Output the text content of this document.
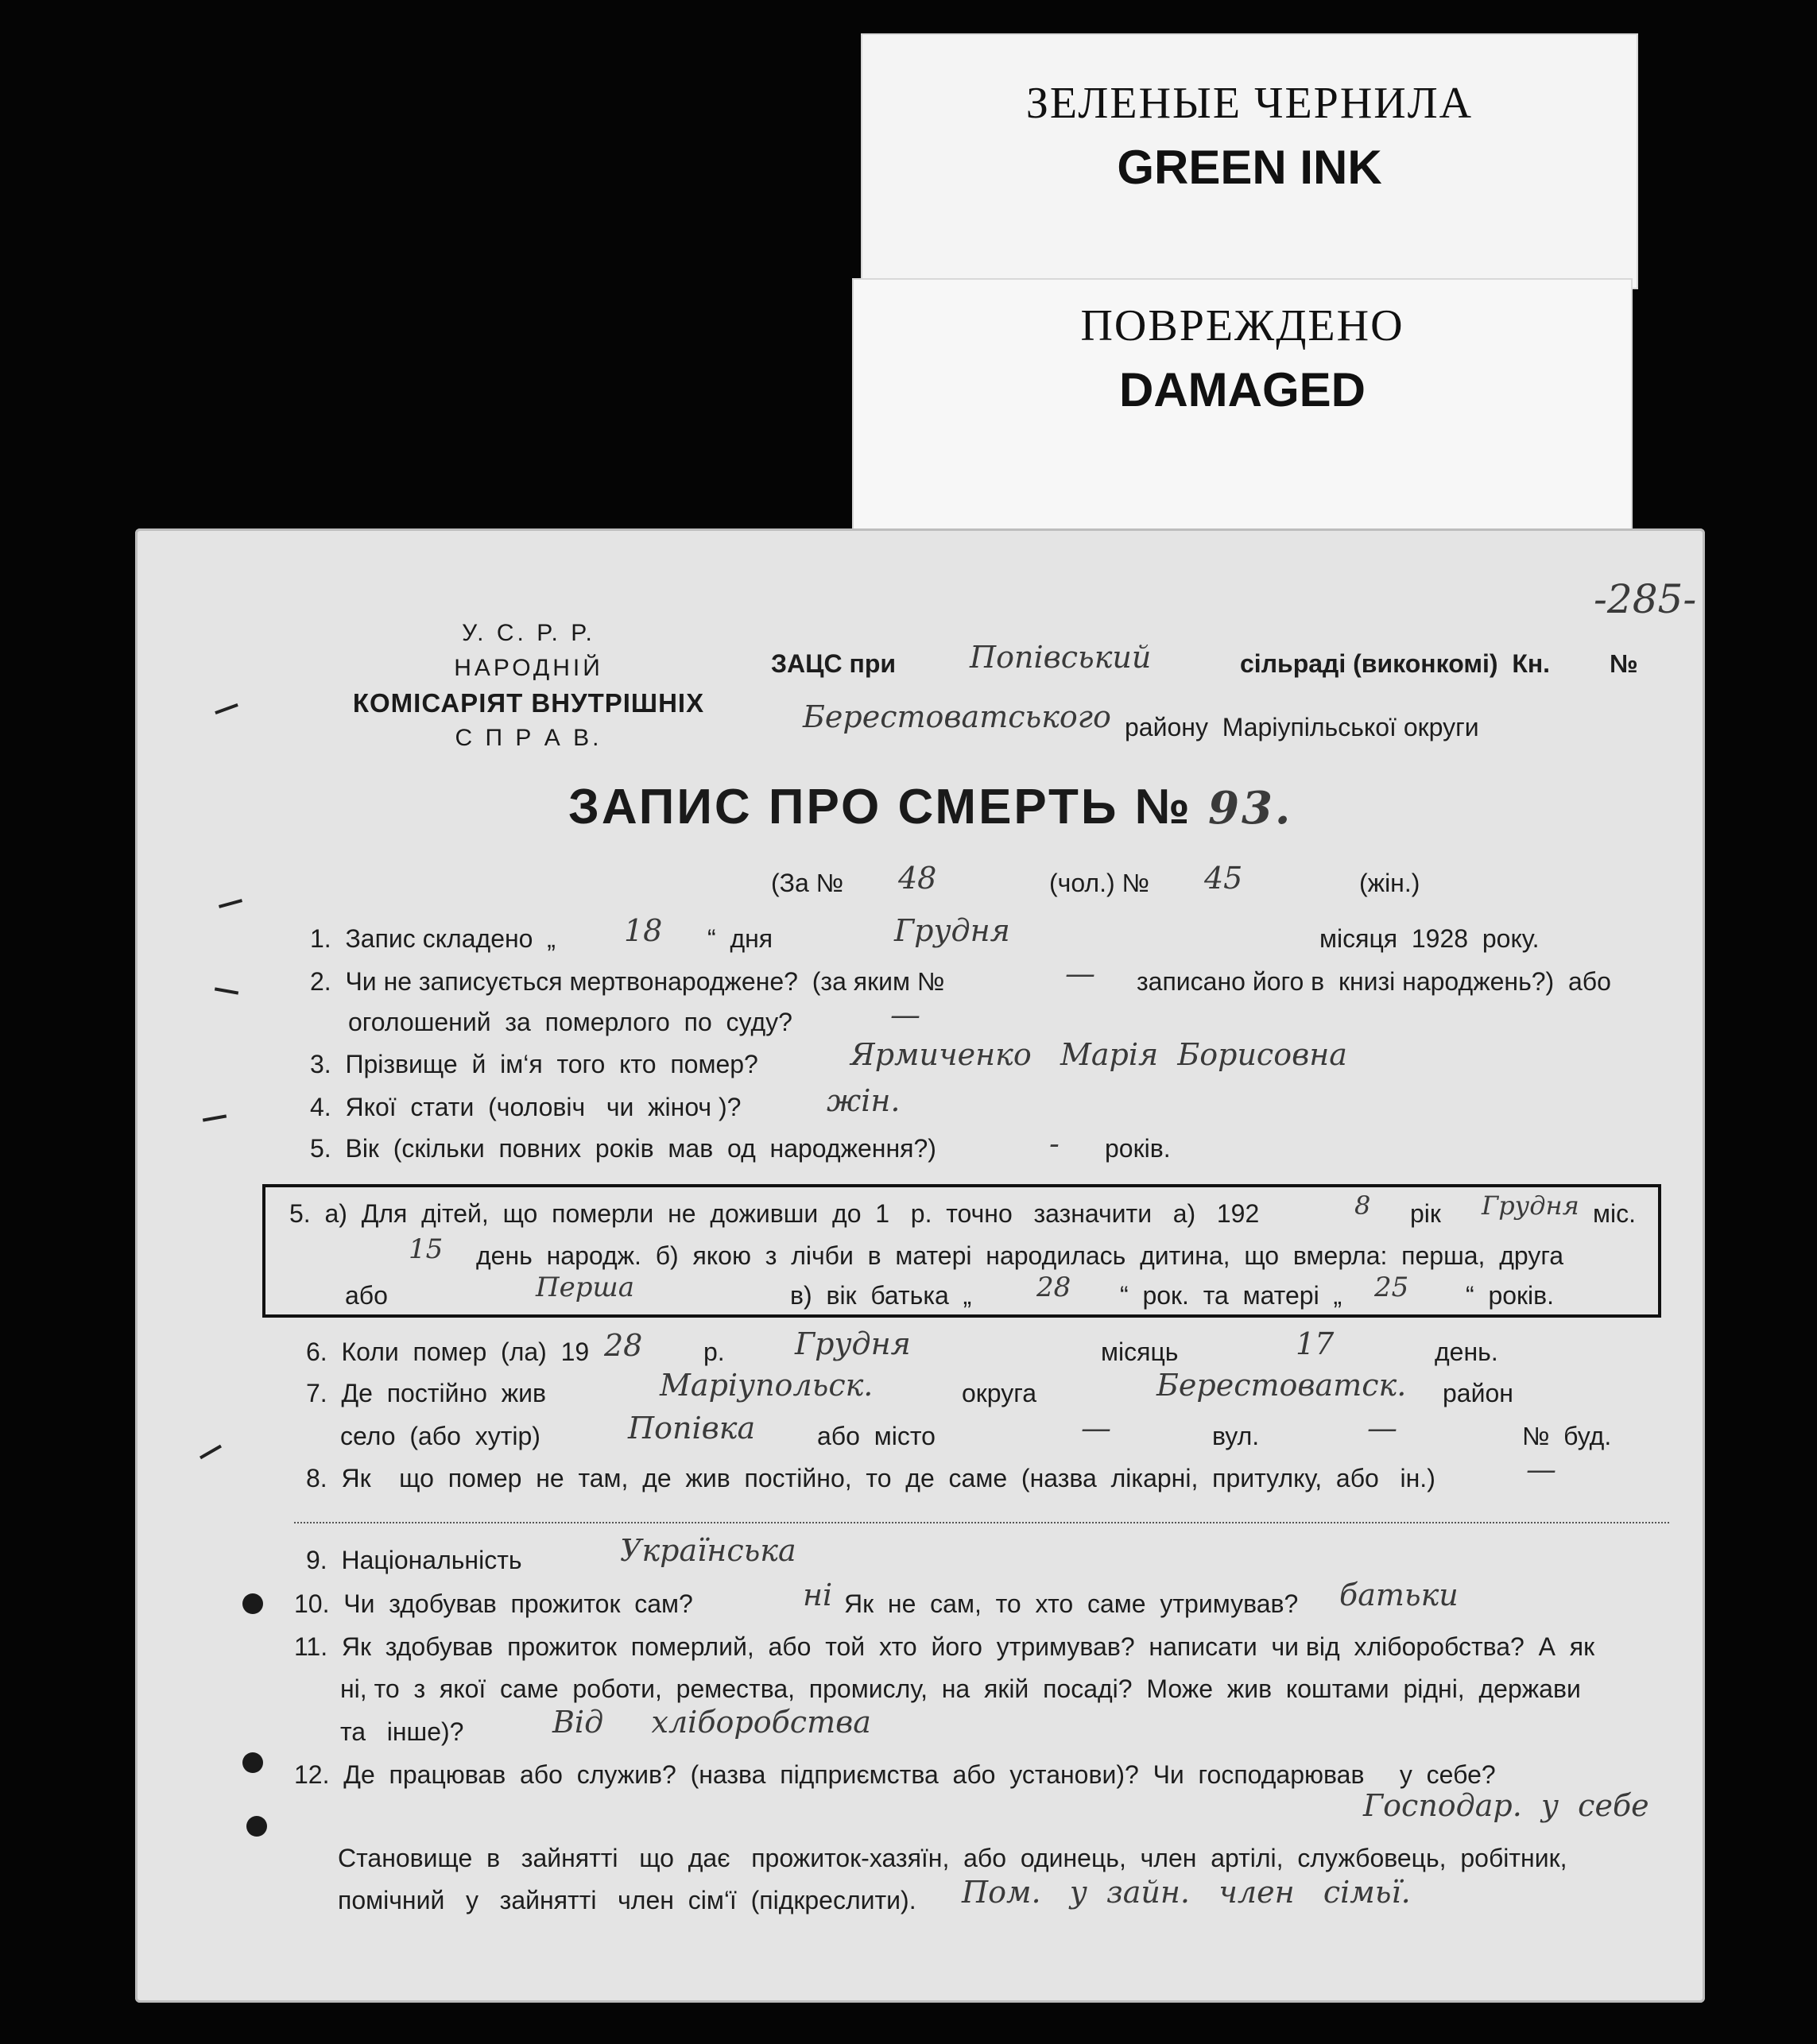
ЗЕЛЕНЫЕ ЧЕРНИЛА
GREEN INK
ПОВРЕЖДЕНО
DAMAGED
-285-
У. С. Р. Р.
НАРОДНІЙ
КОМІСАРІЯТ ВНУТРІШНІХ
С П Р А В.
ЗАЦС при Попівський	сільраді (виконкомі)  Кн. №
Берестоватського району  Маріупільської округи
ЗАПИС ПРО СМЕРТЬ № 93.
(За № 48	(чол.) № 45	(жін.)
1.  Запис складено  „ 18 “  дня	Грудня	місяця  1928  року.
2.  Чи не записується мертвонароджене?  (за яким №	— записано його в  книзі народжень?)  або
оголошений  за  померлого  по  суду?	—
3.  Прізвище  й  ім‘я  того  кто  помер?	Ярмиченко   Марія  Борисовна
4.  Якої  стати  (чоловіч   чи  жіноч )?	жін.
5.  Вік  (скільки  повних  років  мав  од  народження?)	- років.
5.  а)  Для  дітей,  що  померли  не  доживши  до  1   р.  точно   зазначити   а)   192	8 рік Грудня міс.
15 день  народж.  б)  якою  з  лічби  в  матері  народилась  дитина,  що  вмерла:  перша,  друга
або	Перша	в)  вік  батька  „ 28 “  рок.  та  матері  „ 25 “  років.
6.  Коли  помер  (ла)  19 28 р. Грудня	місяць	17	день.
7.  Де  постійно  жив	Маріупольск.	округа	Берестоватск. район
село  (або  хутір)	Попівка або  місто	—	вул.	—	№  буд.
8.  Як    що  помер  не  там,  де  жив  постійно,  то  де  саме  (назва  лікарні,  притулку,  або   ін.)	—
9.  Національність	Українська
10.  Чи  здобував  прожиток  сам?	ні Як  не  сам,  то  хто  саме  утримував? батьки
11.  Як  здобував  прожиток  померлий,  або  той  хто  його  утримував?  написати  чи від  хліборобства?  А  як
ні, то  з  якої  саме  роботи,  ремества,  промислу,  на  якій  посаді?  Може  жив  коштами  рідні,  держави
та   інше)?	Від     хліборобства
12.  Де  працював  або  служив?  (назва  підприємства  або  установи)?  Чи  господарював     у  себе?
Господар.  у  себе
Становище  в   зайнятті   що  дає   прожиток-хазяїн,  або  одинець,  член  артілі,  службовець,  робітник,
помічний   у   зайнятті   член  сім‘ї  (підкреслити). Пом.   у  зайн.   член   сімьї.
